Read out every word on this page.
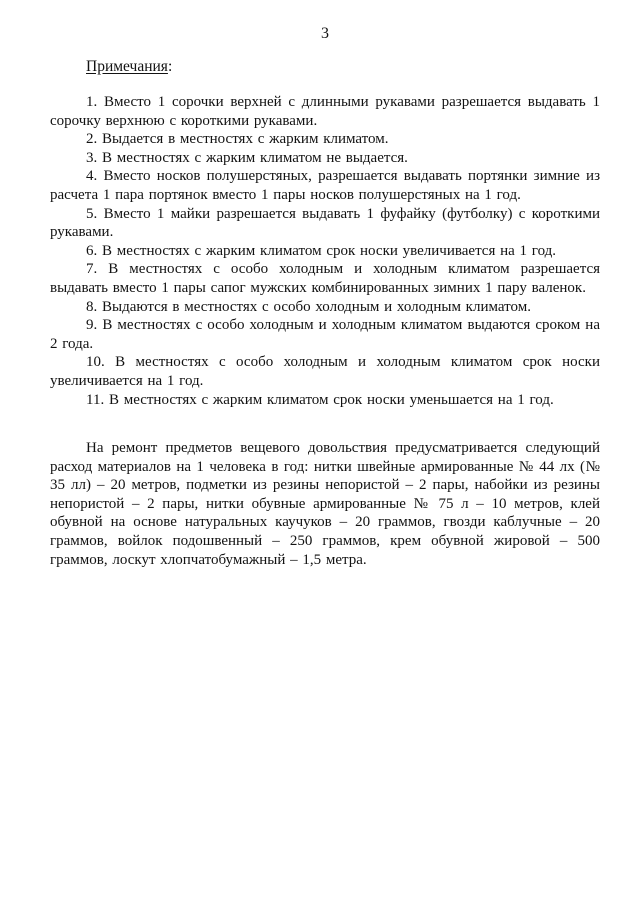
3
Примечания:

1. Вместо 1 сорочки верхней с длинными рукавами разрешается выдавать 1 сорочку верхнюю с короткими рукавами.

2. Выдается в местностях с жарким климатом.

3. В местностях с жарким климатом не выдается.

4. Вместо носков полушерстяных, разрешается выдавать портянки зимние из расчета 1 пара портянок вместо 1 пары носков полушерстяных на 1 год.

5. Вместо 1 майки разрешается выдавать 1 фуфайку (футболку) с короткими рукавами.

6. В местностях с жарким климатом срок носки увеличивается на 1 год.

7. В местностях с особо холодным и холодным климатом разрешается выдавать вместо 1 пары сапог мужских комбинированных зимних 1 пару валенок.

8. Выдаются в местностях с особо холодным и холодным климатом.

9. В местностях с особо холодным и холодным климатом выдаются сроком на 2 года.

10. В местностях с особо холодным и холодным климатом срок носки увеличивается на 1 год.

11. В местностях с жарким климатом срок носки уменьшается на 1 год.

На ремонт предметов вещевого довольствия предусматривается следующий расход материалов на 1 человека в год: нитки швейные армированные № 44 лх (№ 35 лл) – 20 метров, подметки из резины непористой – 2 пары, набойки из резины непористой – 2 пары, нитки обувные армированные № 75 л – 10 метров, клей обувной на основе натуральных каучуков – 20 граммов, гвозди каблучные – 20 граммов, войлок подошвенный – 250 граммов, крем обувной жировой – 500 граммов, лоскут хлопчатобумажный – 1,5 метра.
